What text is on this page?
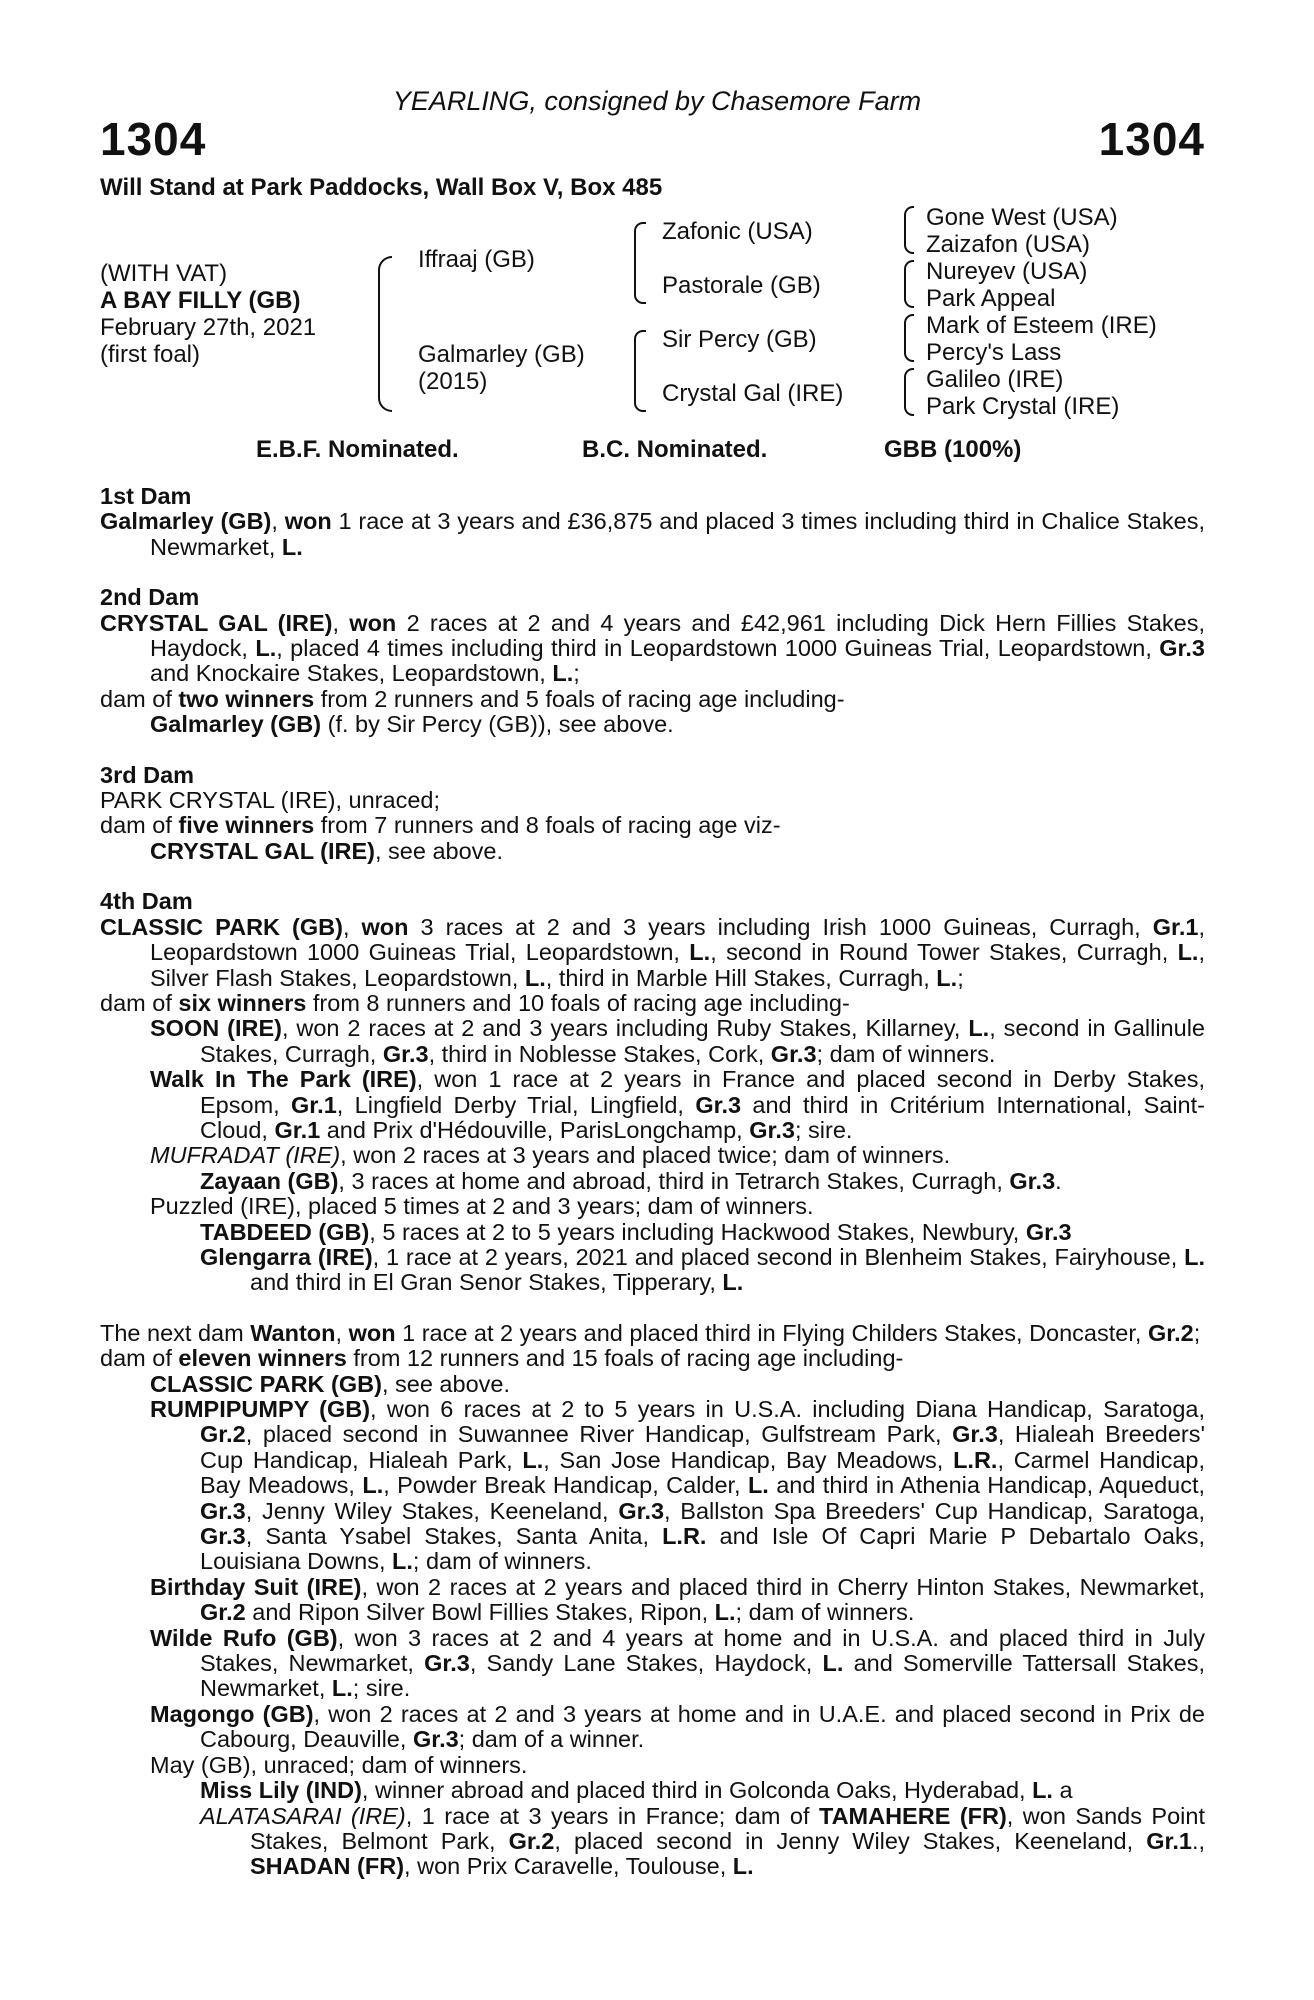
YEARLING, consigned by Chasemore Farm
1304	1304
Will Stand at Park Paddocks, Wall Box V, Box 485
(WITH VAT)
A BAY FILLY (GB)
February 27th, 2021
(first foal)
Iffraaj (GB)
Galmarley (GB)
(2015)
Zafonic (USA)
Pastorale (GB)
Sir Percy (GB)
Crystal Gal (IRE)
Gone West (USA)
Zaizafon (USA)
Nureyev (USA)
Park Appeal
Mark of Esteem (IRE)
Percy's Lass
Galileo (IRE)
Park Crystal (IRE)
E.B.F. Nominated.	B.C. Nominated.	GBB (100%)

1st Dam

Galmarley (GB), won 1 race at 3 years and £36,875 and placed 3 times including third in Chalice Stakes, Newmarket, L.

2nd Dam

CRYSTAL GAL (IRE), won 2 races at 2 and 4 years and £42,961 including Dick Hern Fillies Stakes, Haydock, L., placed 4 times including third in Leopardstown 1000 Guineas Trial, Leopardstown, Gr.3 and Knockaire Stakes, Leopardstown, L.;

dam of two winners from 2 runners and 5 foals of racing age including-

Galmarley (GB) (f. by Sir Percy (GB)), see above.

3rd Dam

PARK CRYSTAL (IRE), unraced;

dam of five winners from 7 runners and 8 foals of racing age viz-

CRYSTAL GAL (IRE), see above.

4th Dam

CLASSIC PARK (GB), won 3 races at 2 and 3 years including Irish 1000 Guineas, Curragh, Gr.1, Leopardstown 1000 Guineas Trial, Leopardstown, L., second in Round Tower Stakes, Curragh, L., Silver Flash Stakes, Leopardstown, L., third in Marble Hill Stakes, Curragh, L.;

dam of six winners from 8 runners and 10 foals of racing age including-

SOON (IRE), won 2 races at 2 and 3 years including Ruby Stakes, Killarney, L., second in Gallinule Stakes, Curragh, Gr.3, third in Noblesse Stakes, Cork, Gr.3; dam of winners.

Walk In The Park (IRE), won 1 race at 2 years in France and placed second in Derby Stakes, Epsom, Gr.1, Lingfield Derby Trial, Lingfield, Gr.3 and third in Critérium International, Saint-Cloud, Gr.1 and Prix d'Hédouville, ParisLongchamp, Gr.3; sire.

MUFRADAT (IRE), won 2 races at 3 years and placed twice; dam of winners.

Zayaan (GB), 3 races at home and abroad, third in Tetrarch Stakes, Curragh, Gr.3.

Puzzled (IRE), placed 5 times at 2 and 3 years; dam of winners.

TABDEED (GB), 5 races at 2 to 5 years including Hackwood Stakes, Newbury, Gr.3

Glengarra (IRE), 1 race at 2 years, 2021 and placed second in Blenheim Stakes, Fairyhouse, L. and third in El Gran Senor Stakes, Tipperary, L.

The next dam Wanton, won 1 race at 2 years and placed third in Flying Childers Stakes, Doncaster, Gr.2;

dam of eleven winners from 12 runners and 15 foals of racing age including-

CLASSIC PARK (GB), see above.

RUMPIPUMPY (GB), won 6 races at 2 to 5 years in U.S.A. including Diana Handicap, Saratoga, Gr.2, placed second in Suwannee River Handicap, Gulfstream Park, Gr.3, Hialeah Breeders' Cup Handicap, Hialeah Park, L., San Jose Handicap, Bay Meadows, L.R., Carmel Handicap, Bay Meadows, L., Powder Break Handicap, Calder, L. and third in Athenia Handicap, Aqueduct, Gr.3, Jenny Wiley Stakes, Keeneland, Gr.3, Ballston Spa Breeders' Cup Handicap, Saratoga, Gr.3, Santa Ysabel Stakes, Santa Anita, L.R. and Isle Of Capri Marie P Debartalo Oaks, Louisiana Downs, L.; dam of winners.

Birthday Suit (IRE), won 2 races at 2 years and placed third in Cherry Hinton Stakes, Newmarket, Gr.2 and Ripon Silver Bowl Fillies Stakes, Ripon, L.; dam of winners.

Wilde Rufo (GB), won 3 races at 2 and 4 years at home and in U.S.A. and placed third in July Stakes, Newmarket, Gr.3, Sandy Lane Stakes, Haydock, L. and Somerville Tattersall Stakes, Newmarket, L.; sire.

Magongo (GB), won 2 races at 2 and 3 years at home and in U.A.E. and placed second in Prix de Cabourg, Deauville, Gr.3; dam of a winner.

May (GB), unraced; dam of winners.

Miss Lily (IND), winner abroad and placed third in Golconda Oaks, Hyderabad, L. a

ALATASARAI (IRE), 1 race at 3 years in France; dam of TAMAHERE (FR), won Sands Point Stakes, Belmont Park, Gr.2, placed second in Jenny Wiley Stakes, Keeneland, Gr.1., SHADAN (FR), won Prix Caravelle, Toulouse, L.
